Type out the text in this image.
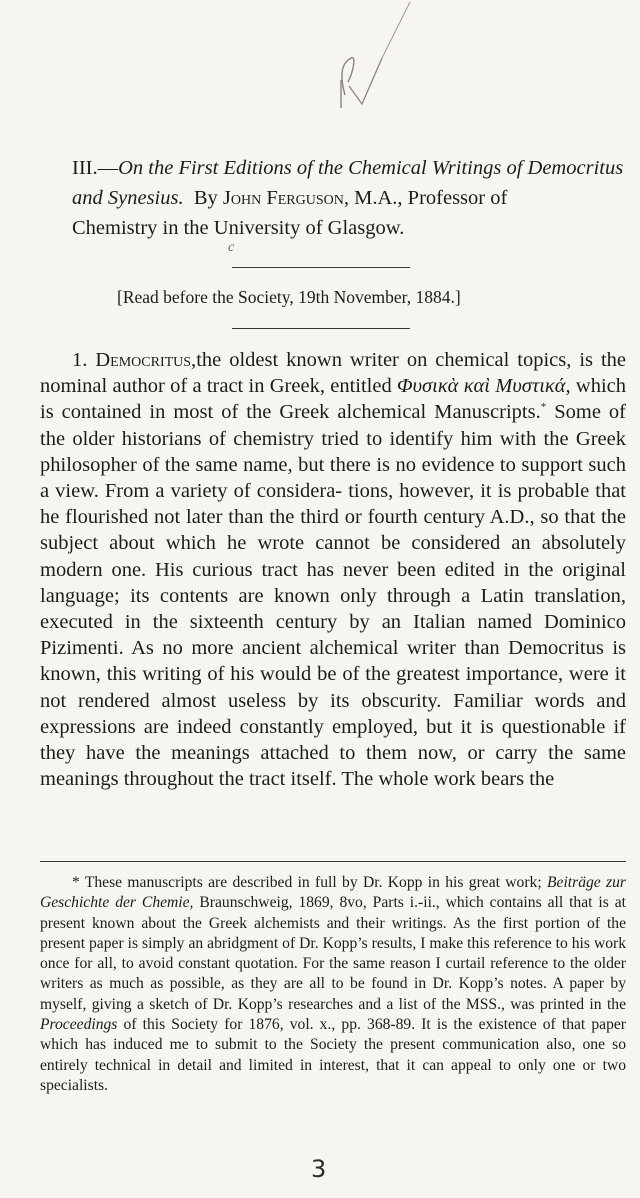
III.—On the First Editions of the Chemical Writings of Democritus
and Synesius. By John Ferguson, M.A., Professor of
Chemistry in the University of Glasgow.
c
[Read before the Society, 19th November, 1884.]

1. Democritus,the oldest known writer on chemical topics, is the nominal author of a tract in Greek, entitled Φυσικὰ καὶ Μυστικά, which is contained in most of the Greek alchemical Manuscripts.* Some of the older historians of chemistry tried to identify him with the Greek philosopher of the same name, but there is no evidence to support such a view. From a variety of considera- tions, however, it is probable that he flourished not later than the third or fourth century A.D., so that the subject about which he wrote cannot be considered an absolutely modern one. His curious tract has never been edited in the original language; its contents are known only through a Latin translation, executed in the sixteenth century by an Italian named Dominico Pizimenti. As no more ancient alchemical writer than Democritus is known, this writing of his would be of the greatest importance, were it not rendered almost useless by its obscurity. Familiar words and expressions are indeed constantly employed, but it is questionable if they have the meanings attached to them now, or carry the same meanings throughout the tract itself. The whole work bears the

* These manuscripts are described in full by Dr. Kopp in his great work; Beiträge zur Geschichte der Chemie, Braunschweig, 1869, 8vo, Parts i.-ii., which contains all that is at present known about the Greek alchemists and their writings. As the first portion of the present paper is simply an abridgment of Dr. Kopp’s results, I make this reference to his work once for all, to avoid constant quotation. For the same reason I curtail reference to the older writers as much as possible, as they are all to be found in Dr. Kopp’s notes. A paper by myself, giving a sketch of Dr. Kopp’s researches and a list of the MSS., was printed in the Proceedings of this Society for 1876, vol. x., pp. 368-89. It is the existence of that paper which has induced me to submit to the Society the present communication also, one so entirely technical in detail and limited in interest, that it can appeal to only one or two specialists.

3
